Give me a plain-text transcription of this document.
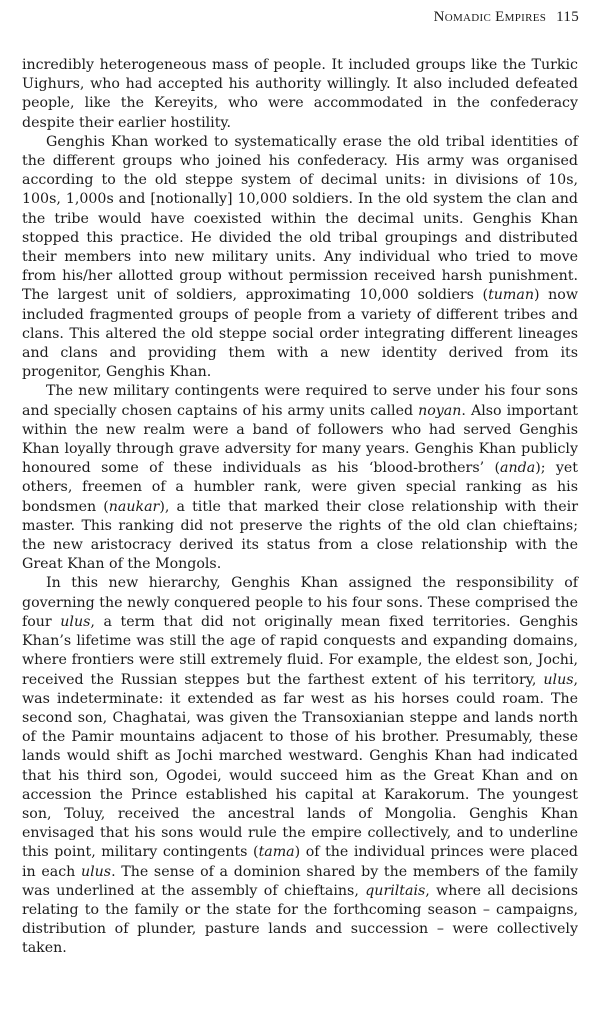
Nomadic Empires 115

incredibly heterogeneous mass of people. It included groups like the Turkic Uighurs, who had accepted his authority willingly. It also included defeated people, like the Kereyits, who were accommodated in the confederacy despite their earlier hostility.

Genghis Khan worked to systematically erase the old tribal identities of the different groups who joined his confederacy. His army was organised according to the old steppe system of decimal units: in divisions of 10s, 100s, 1,000s and [notionally] 10,000 soldiers. In the old system the clan and the tribe would have coexisted within the decimal units. Genghis Khan stopped this practice. He divided the old tribal groupings and distributed their members into new military units. Any individual who tried to move from his/her allotted group without permission received harsh punishment. The largest unit of soldiers, approximating 10,000 soldiers (tuman) now included fragmented groups of people from a variety of different tribes and clans. This altered the old steppe social order integrating different lineages and clans and providing them with a new identity derived from its progenitor, Genghis Khan.

The new military contingents were required to serve under his four sons and specially chosen captains of his army units called noyan. Also important within the new realm were a band of followers who had served Genghis Khan loyally through grave adversity for many years. Genghis Khan publicly honoured some of these individuals as his ‘blood-brothers’ (anda); yet others, freemen of a humbler rank, were given special ranking as his bondsmen (naukar), a title that marked their close relationship with their master. This ranking did not preserve the rights of the old clan chieftains; the new aristocracy derived its status from a close relationship with the Great Khan of the Mongols.

In this new hierarchy, Genghis Khan assigned the responsibility of governing the newly conquered people to his four sons. These comprised the four ulus, a term that did not originally mean fixed territories. Genghis Khan’s lifetime was still the age of rapid conquests and expanding domains, where frontiers were still extremely fluid. For example, the eldest son, Jochi, received the Russian steppes but the farthest extent of his territory, ulus, was indeterminate: it extended as far west as his horses could roam. The second son, Chaghatai, was given the Transoxianian steppe and lands north of the Pamir mountains adjacent to those of his brother. Presumably, these lands would shift as Jochi marched westward. Genghis Khan had indicated that his third son, Ogodei, would succeed him as the Great Khan and on accession the Prince established his capital at Karakorum. The youngest son, Toluy, received the ancestral lands of Mongolia. Genghis Khan envisaged that his sons would rule the empire collectively, and to underline this point, military contingents (tama) of the individual princes were placed in each ulus. The sense of a dominion shared by the members of the family was underlined at the assembly of chieftains, quriltais, where all decisions relating to the family or the state for the forthcoming season – campaigns, distribution of plunder, pasture lands and succession – were collectively taken.
